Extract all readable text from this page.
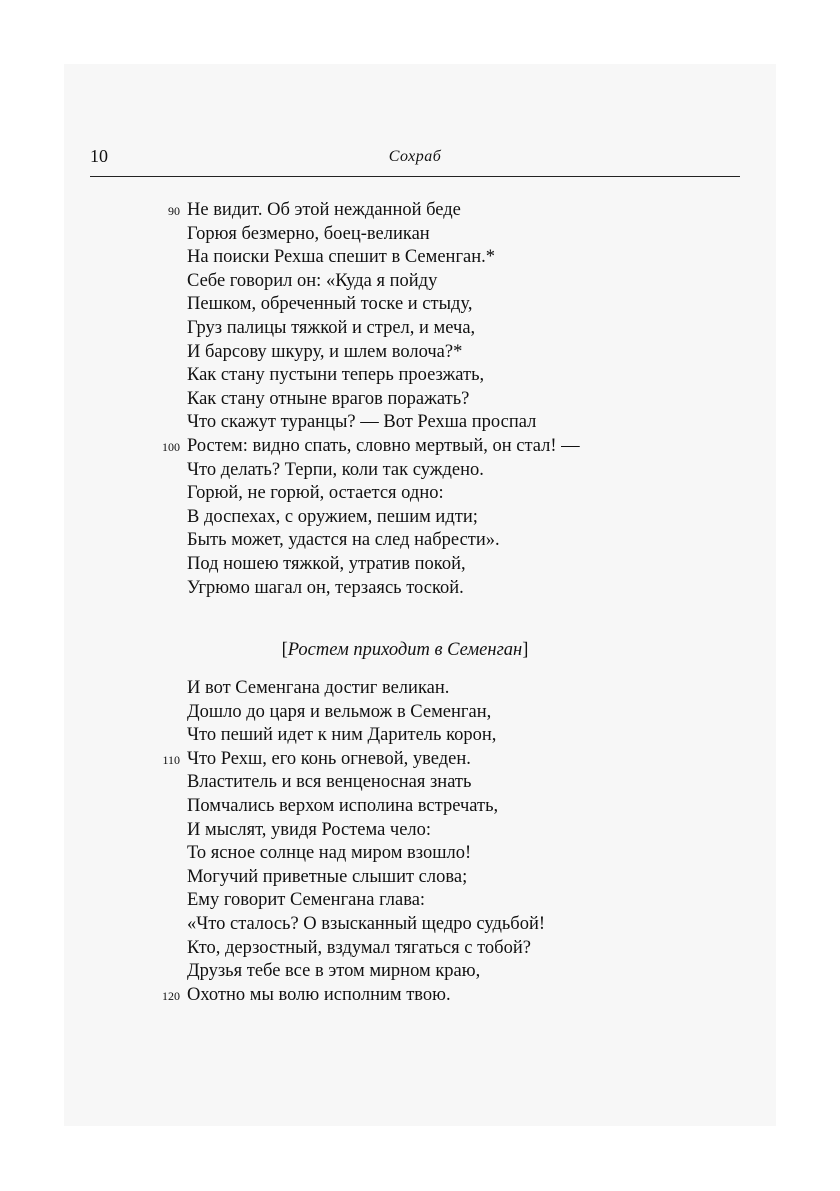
10	Сохраб
90 Не видит. Об этой нежданной беде
Горюя безмерно, боец-великан
На поиски Рехша спешит в Семенган.*
Себе говорил он: «Куда я пойду
Пешком, обреченный тоске и стыду,
Груз палицы тяжкой и стрел, и меча,
И барсову шкуру, и шлем волоча?*
Как стану пустыни теперь проезжать,
Как стану отныне врагов поражать?
Что скажут туранцы? — Вот Рехша проспал
100 Ростем: видно спать, словно мертвый, он стал! —
Что делать? Терпи, коли так суждено.
Горюй, не горюй, остается одно:
В доспехах, с оружием, пешим идти;
Быть может, удастся на след набрести».
Под ношею тяжкой, утратив покой,
Угрюмо шагал он, терзаясь тоской.
[Ростем приходит в Семенган]
И вот Семенгана достиг великан.
Дошло до царя и вельмож в Семенган,
Что пеший идет к ним Даритель корон,
110 Что Рехш, его конь огневой, уведен.
Властитель и вся венценосная знать
Помчались верхом исполина встречать,
И мыслят, увидя Ростема чело:
То ясное солнце над миром взошло!
Могучий приветные слышит слова;
Ему говорит Семенгана глава:
«Что сталось? О взысканный щедро судьбой!
Кто, дерзостный, вздумал тягаться с тобой?
Друзья тебе все в этом мирном краю,
120 Охотно мы волю исполним твою.
